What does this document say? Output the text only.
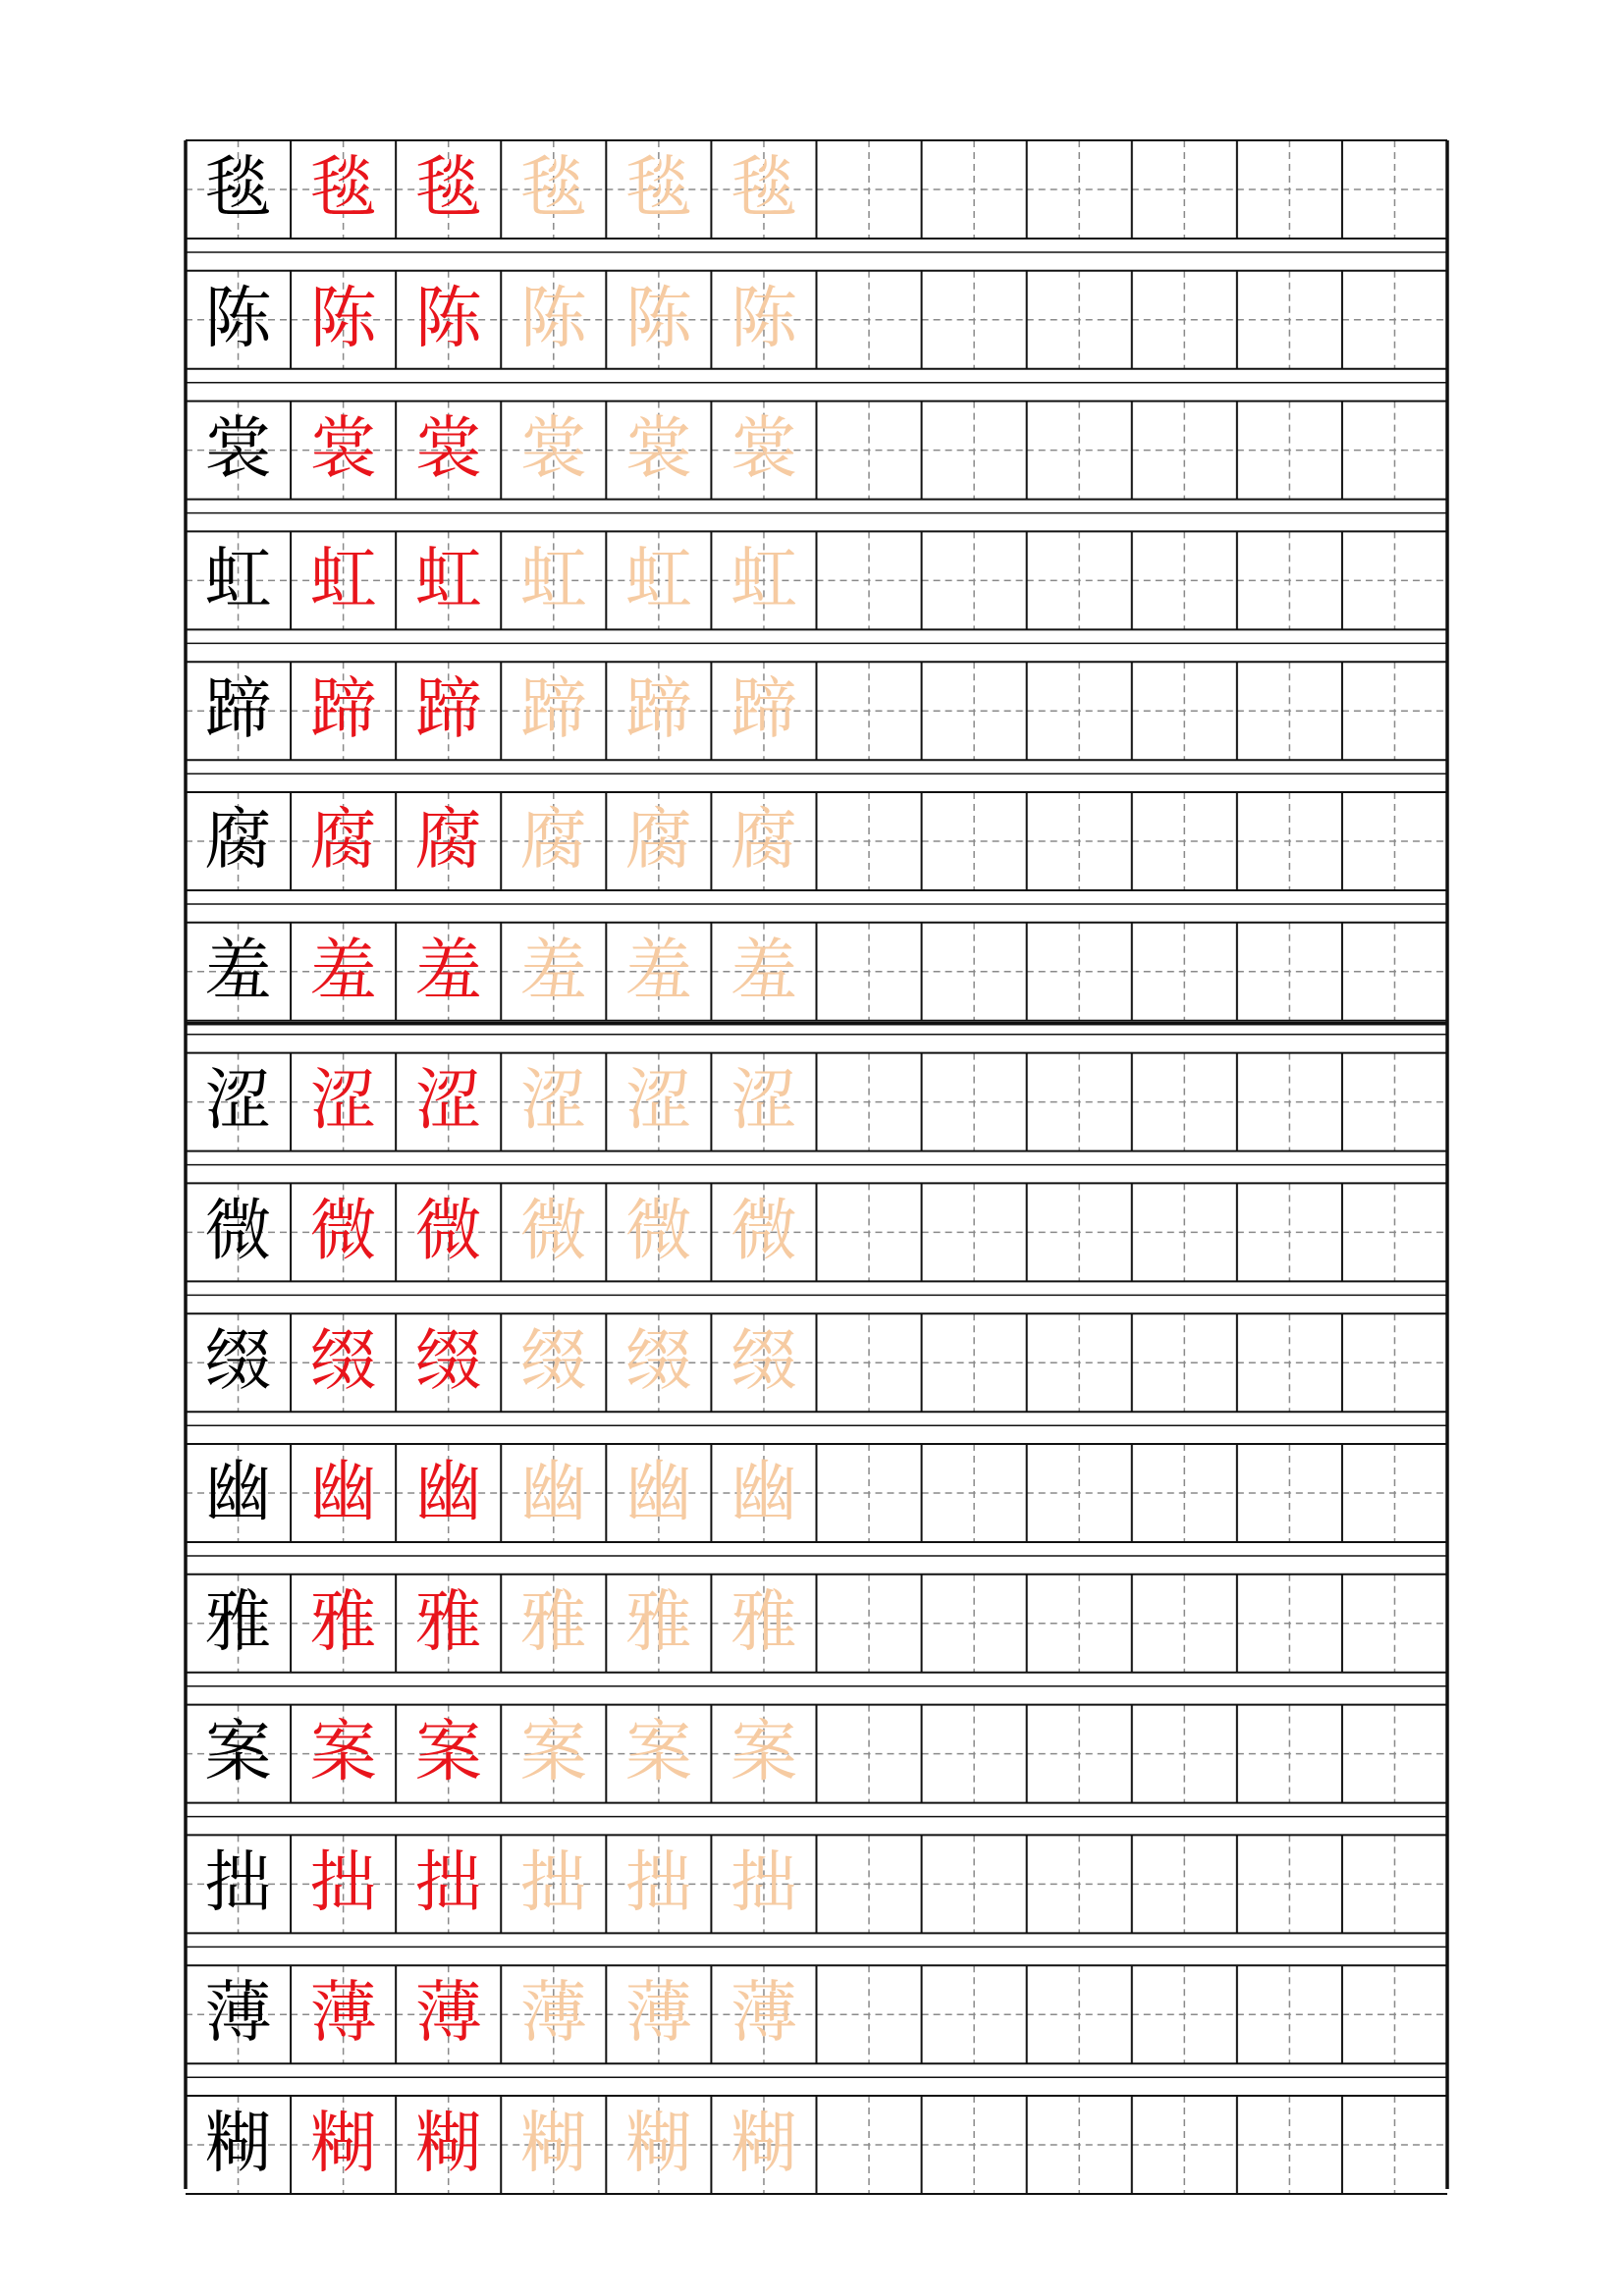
毯 毯 毯 毯 毯 毯
陈 陈 陈 陈 陈 陈
裳 裳 裳 裳 裳 裳
虹 虹 虹 虹 虹 虹
蹄 蹄 蹄 蹄 蹄 蹄
腐 腐 腐 腐 腐 腐
羞 羞 羞 羞 羞 羞
涩 涩 涩 涩 涩 涩
微 微 微 微 微 微
缀 缀 缀 缀 缀 缀
幽 幽 幽 幽 幽 幽
雅 雅 雅 雅 雅 雅
案 案 案 案 案 案
拙 拙 拙 拙 拙 拙
薄 薄 薄 薄 薄 薄
糊 糊 糊 糊 糊 糊
